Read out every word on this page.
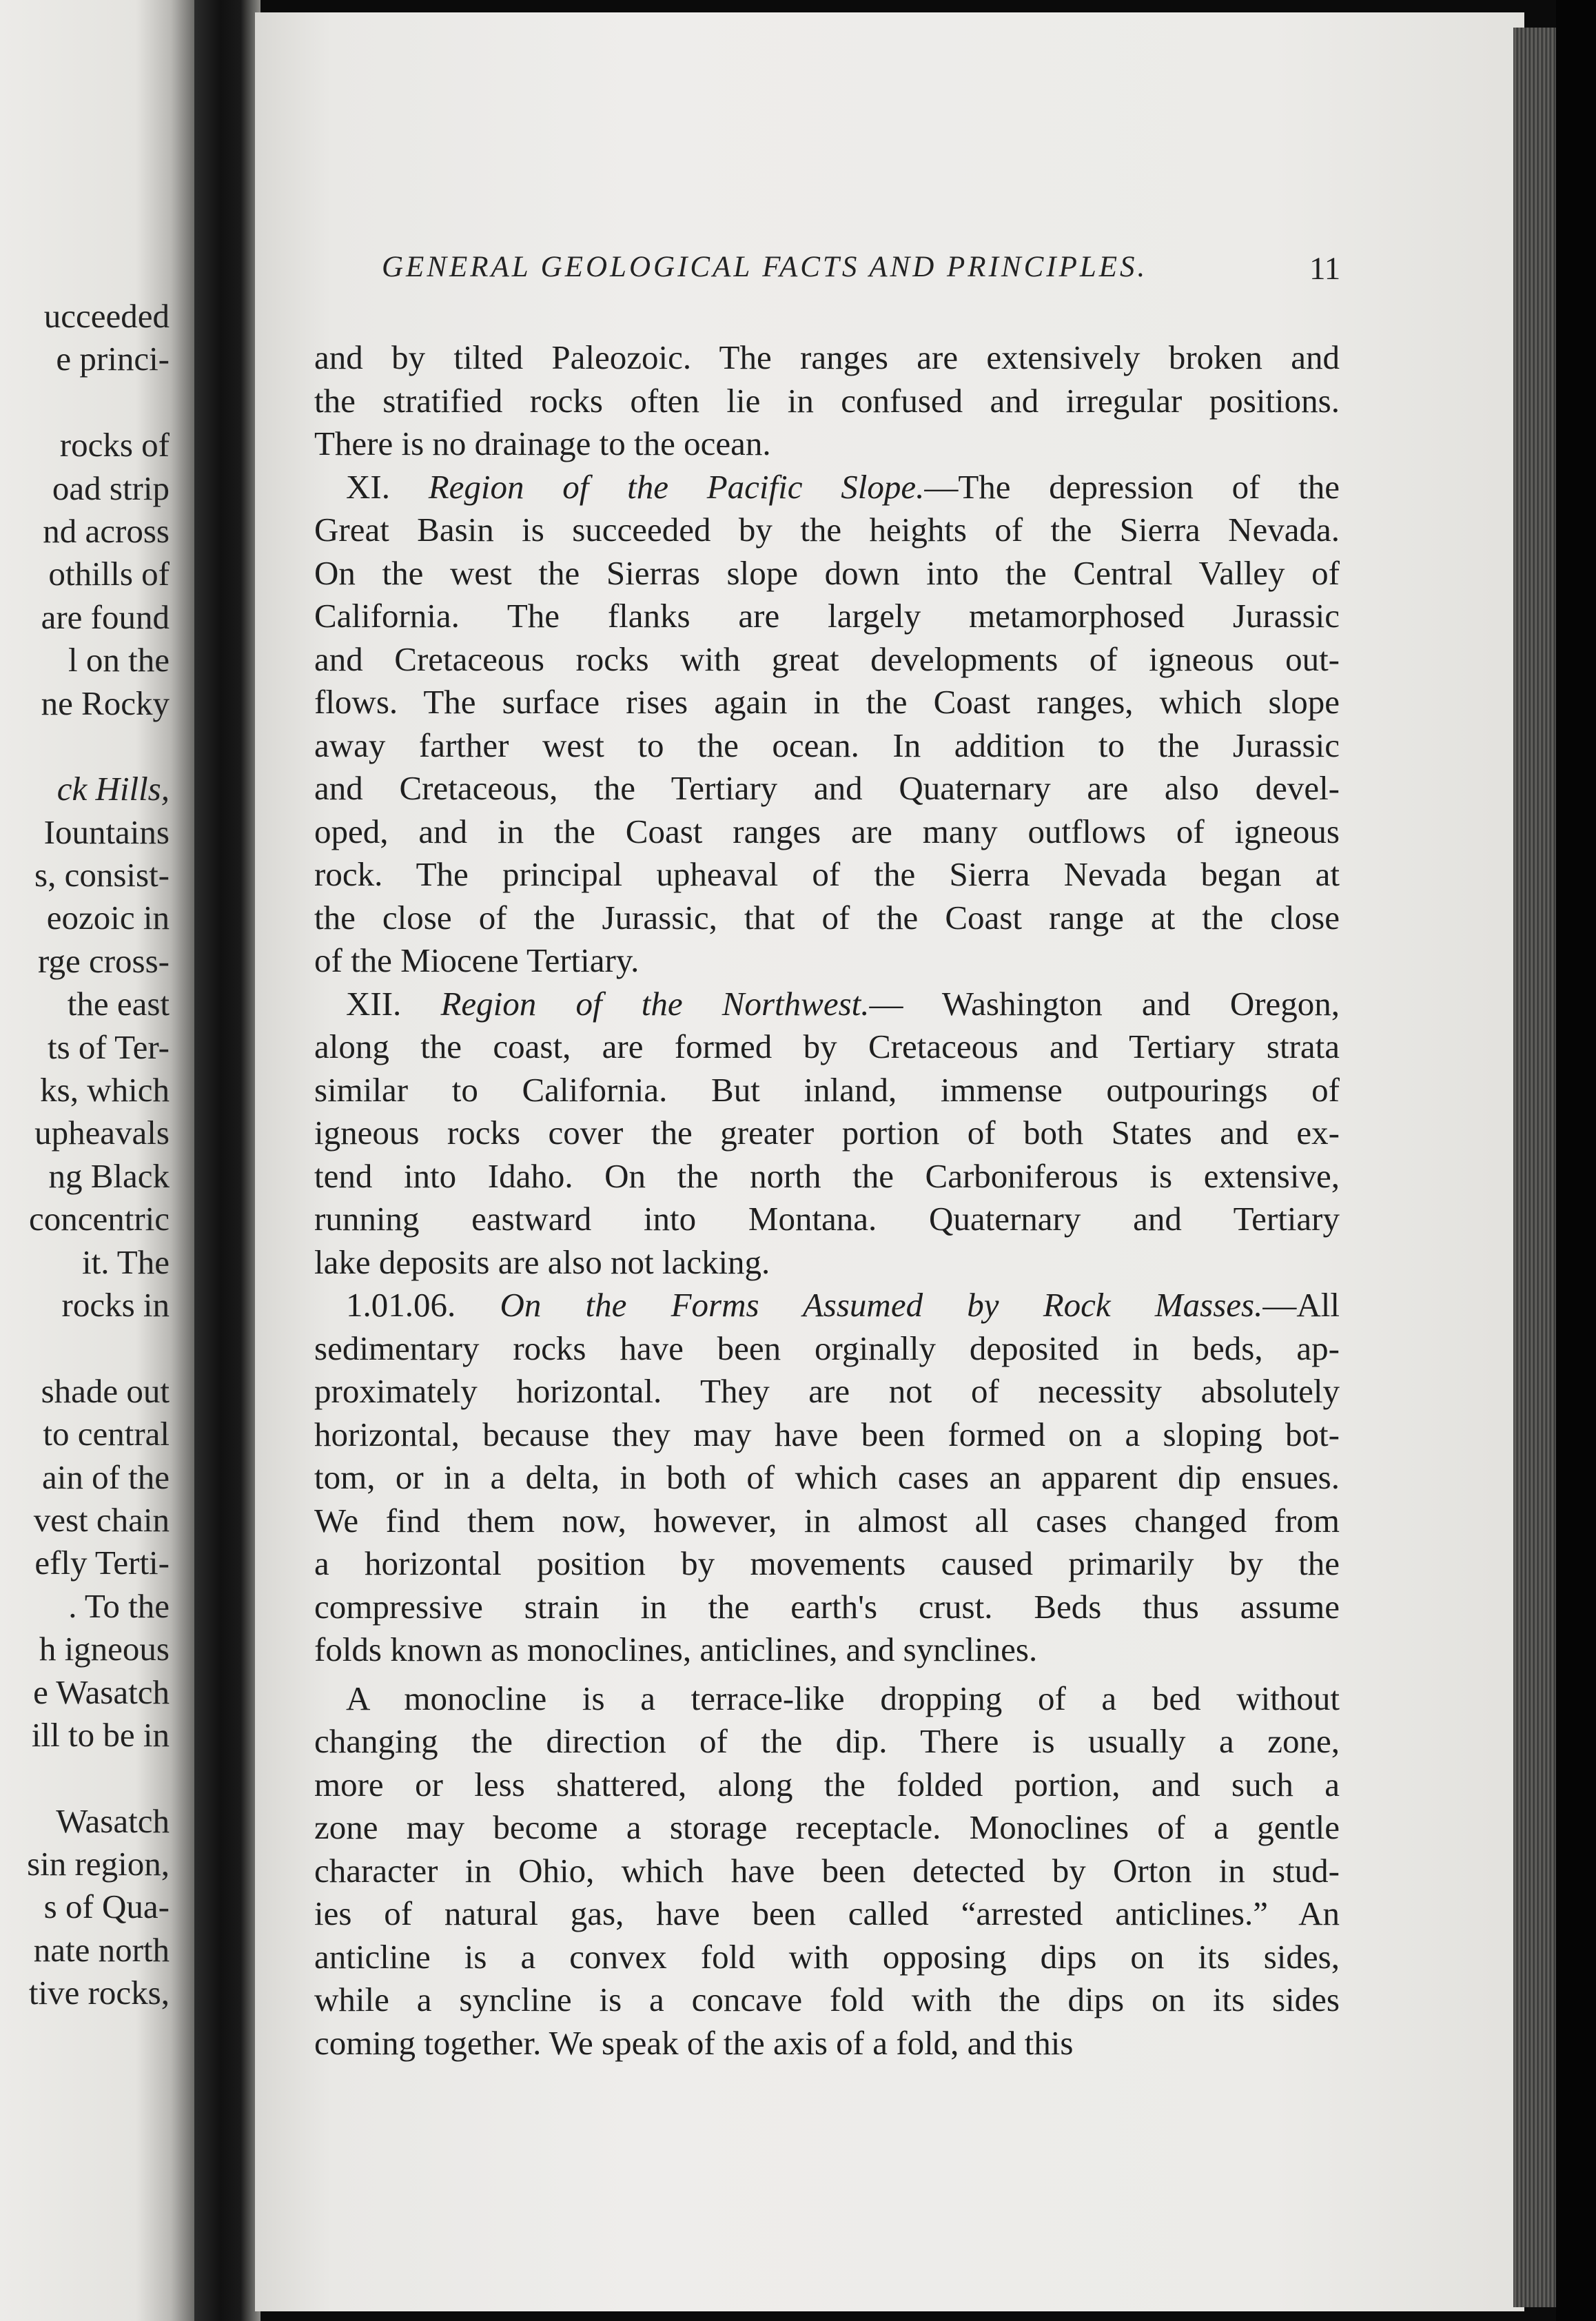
ucceeded
e princi-
rocks of
oad strip
nd across
othills of
are found
l on the
ne Rocky
ck Hills,
Iountains
s, consist-
eozoic in
rge cross-
the east
ts of Ter-
ks, which
upheavals
ng Black
concentric
it. The
rocks in
shade out
to central
ain of the
vest chain
efly Terti-
. To the
h igneous
e Wasatch
ill to be in
Wasatch
sin region,
s of Qua-
nate north
tive rocks,
GENERAL GEOLOGICAL FACTS AND PRINCIPLES.	11
and by tilted Paleozoic. The ranges are extensively broken and
the stratified rocks often lie in confused and irregular positions.
There is no drainage to the ocean.
XI. Region of the Pacific Slope.—The depression of the
Great Basin is succeeded by the heights of the Sierra Nevada.
On the west the Sierras slope down into the Central Valley of
California. The flanks are largely metamorphosed Jurassic
and Cretaceous rocks with great developments of igneous out-
flows. The surface rises again in the Coast ranges, which slope
away farther west to the ocean. In addition to the Jurassic
and Cretaceous, the Tertiary and Quaternary are also devel-
oped, and in the Coast ranges are many outflows of igneous
rock. The principal upheaval of the Sierra Nevada began at
the close of the Jurassic, that of the Coast range at the close
of the Miocene Tertiary.
XII. Region of the Northwest.— Washington and Oregon,
along the coast, are formed by Cretaceous and Tertiary strata
similar to California. But inland, immense outpourings of
igneous rocks cover the greater portion of both States and ex-
tend into Idaho. On the north the Carboniferous is extensive,
running eastward into Montana. Quaternary and Tertiary
lake deposits are also not lacking.
1.01.06. On the Forms Assumed by Rock Masses.—All
sedimentary rocks have been orginally deposited in beds, ap-
proximately horizontal. They are not of necessity absolutely
horizontal, because they may have been formed on a sloping bot-
tom, or in a delta, in both of which cases an apparent dip ensues.
We find them now, however, in almost all cases changed from
a horizontal position by movements caused primarily by the
compressive strain in the earth's crust. Beds thus assume
folds known as monoclines, anticlines, and synclines.
A monocline is a terrace-like dropping of a bed without
changing the direction of the dip. There is usually a zone,
more or less shattered, along the folded portion, and such a
zone may become a storage receptacle. Monoclines of a gentle
character in Ohio, which have been detected by Orton in stud-
ies of natural gas, have been called “arrested anticlines.” An
anticline is a convex fold with opposing dips on its sides,
while a syncline is a concave fold with the dips on its sides
coming together. We speak of the axis of a fold, and this
